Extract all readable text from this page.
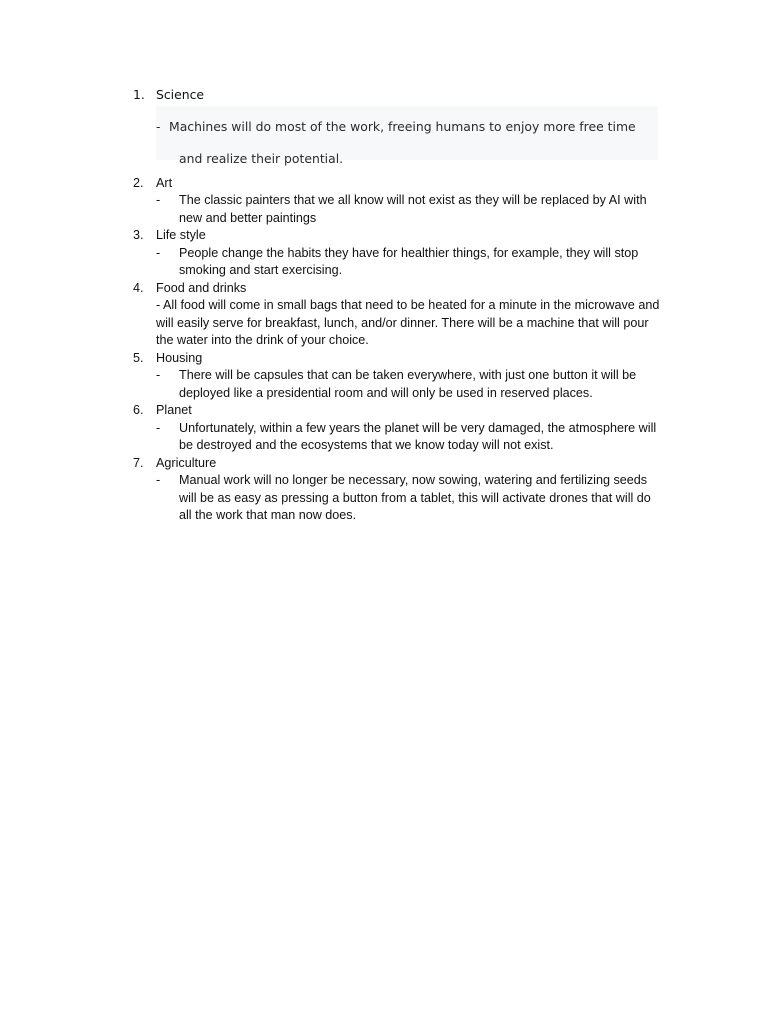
1. Science
- Machines will do most of the work, freeing humans to enjoy more free time
and realize their potential.
2. Art
- The classic painters that we all know will not exist as they will be replaced by AI with new and better paintings
3. Life style
- People change the habits they have for healthier things, for example, they will stop smoking and start exercising.
4. Food and drinks
- All food will come in small bags that need to be heated for a minute in the microwave and will easily serve for breakfast, lunch, and/or dinner. There will be a machine that will pour the water into the drink of your choice.
5. Housing
- There will be capsules that can be taken everywhere, with just one button it will be deployed like a presidential room and will only be used in reserved places.
6. Planet
- Unfortunately, within a few years the planet will be very damaged, the atmosphere will be destroyed and the ecosystems that we know today will not exist.
7. Agriculture
- Manual work will no longer be necessary, now sowing, watering and fertilizing seeds will be as easy as pressing a button from a tablet, this will activate drones that will do all the work that man now does.
